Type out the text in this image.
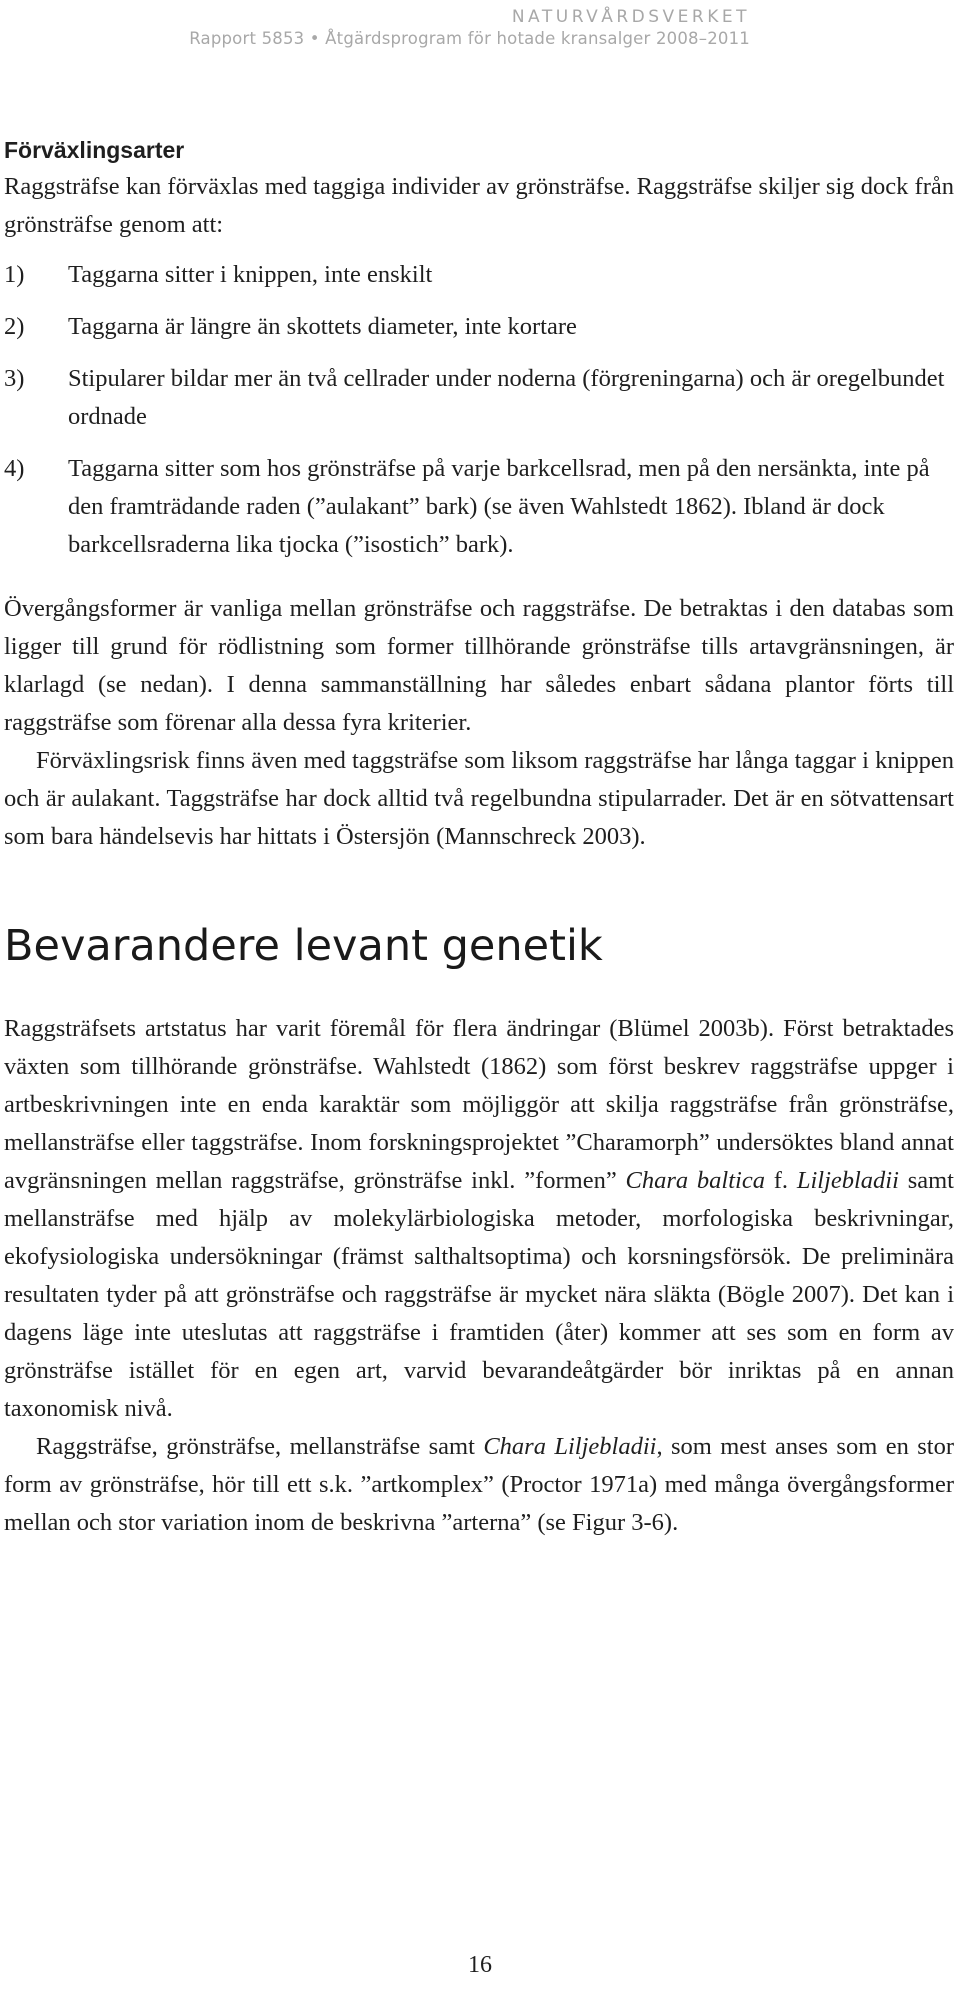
NATURVÅRDSVERKET
Rapport 5853 • Åtgärdsprogram för hotade kransalger 2008–2011
Förväxlingsarter

Raggsträfse kan förväxlas med taggiga individer av grönsträfse. Raggsträfse skiljer sig dock från grönsträfse genom att:

1) Taggarna sitter i knippen, inte enskilt
2) Taggarna är längre än skottets diameter, inte kortare
3) Stipularer bildar mer än två cellrader under noderna (förgreningarna) och är oregelbundet ordnade
4) Taggarna sitter som hos grönsträfse på varje barkcellsrad, men på den nersänkta, inte på den framträdande raden (”aulakant” bark) (se även Wahlstedt 1862). Ibland är dock barkcellsraderna lika tjocka (”isostich” bark).

Övergångsformer är vanliga mellan grönsträfse och raggsträfse. De betraktas i den databas som ligger till grund för rödlistning som former tillhörande grönsträfse tills artavgränsningen, är klarlagd (se nedan). I denna sammanställning har således enbart sådana plantor förts till raggsträfse som förenar alla dessa fyra kriterier.

Förväxlingsrisk finns även med taggsträfse som liksom raggsträfse har långa taggar i knippen och är aulakant. Taggsträfse har dock alltid två regelbundna stipularrader. Det är en sötvattensart som bara händelsevis har hittats i Östersjön (Mannschreck 2003).

Bevarandere levant genetik

Raggsträfsets artstatus har varit föremål för flera ändringar (Blümel 2003b). Först betraktades växten som tillhörande grönsträfse. Wahlstedt (1862) som först beskrev raggsträfse uppger i artbeskrivningen inte en enda karaktär som möjliggör att skilja raggsträfse från grönsträfse, mellansträfse eller taggsträfse. Inom forskningsprojektet ”Charamorph” undersöktes bland annat avgränsningen mellan raggsträfse, grönsträfse inkl. ”formen” Chara baltica f. Liljebladii samt mellansträfse med hjälp av molekylärbiologiska metoder, morfologiska beskrivningar, ekofysiologiska undersökningar (främst salthaltsoptima) och korsningsförsök. De preliminära resultaten tyder på att grönsträfse och raggsträfse är mycket nära släkta (Bögle 2007). Det kan i dagens läge inte uteslutas att raggsträfse i framtiden (åter) kommer att ses som en form av grönsträfse istället för en egen art, varvid bevarandeåtgärder bör inriktas på en annan taxonomisk nivå.

Raggsträfse, grönsträfse, mellansträfse samt Chara Liljebladii, som mest anses som en stor form av grönsträfse, hör till ett s.k. ”artkomplex” (Proctor 1971a) med många övergångsformer mellan och stor variation inom de beskrivna ”arterna” (se Figur 3-6).

16
